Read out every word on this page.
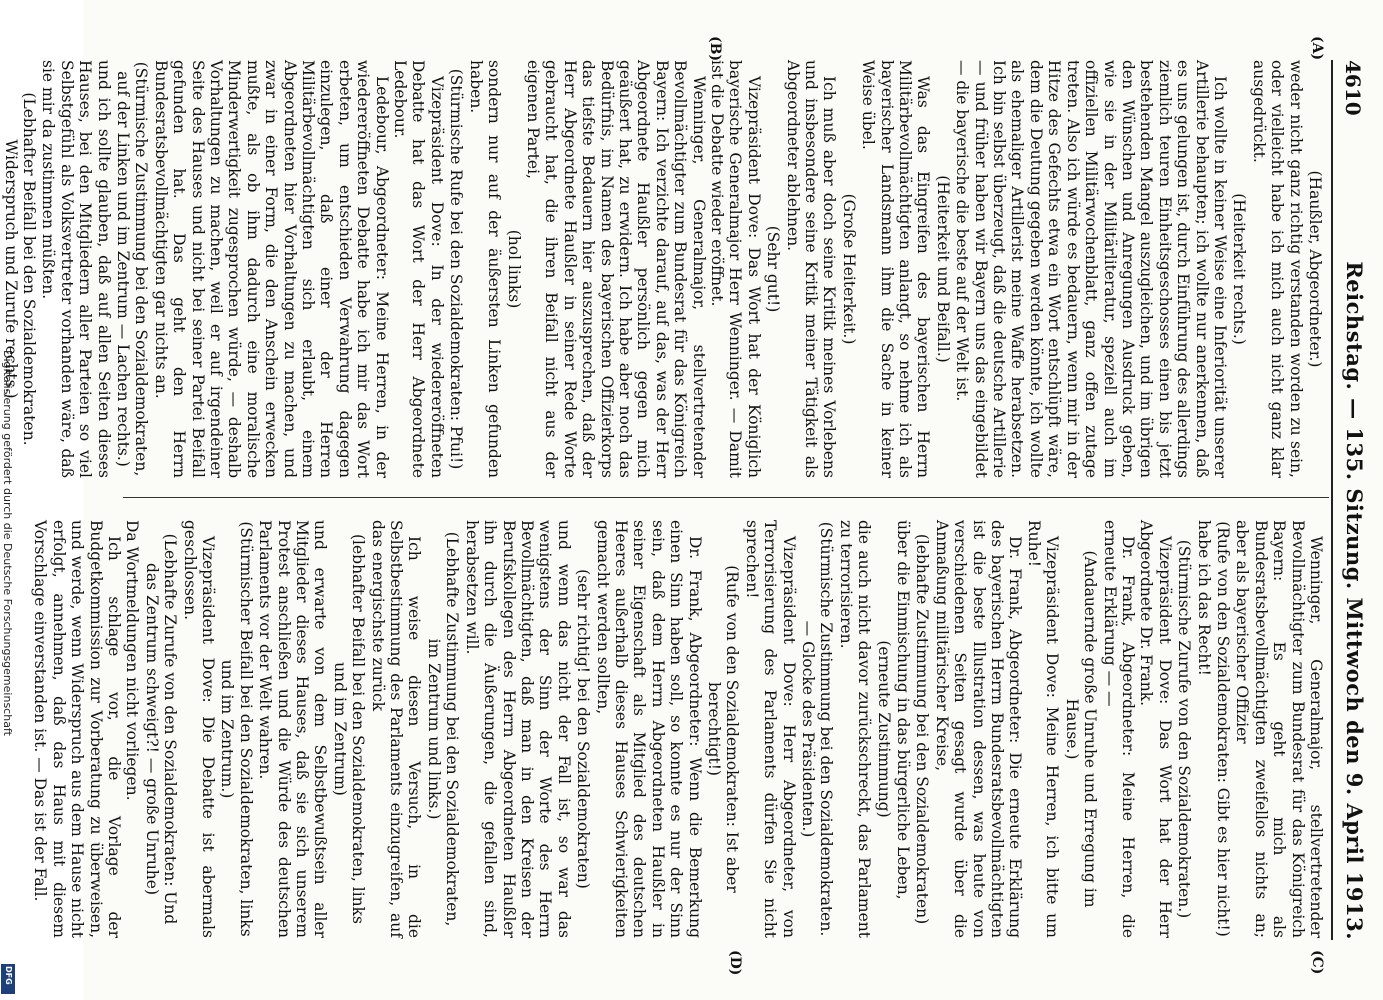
Digitalisierung gefördert durch die Deutsche Forschungsgemeinschaft
DFG
4610
Reichstag. — 135. Sitzung. Mittwoch den 9. April 1913.
(A)
(B)
(C)
(D)

(Haußler, Abgeordneter.)

weder nicht ganz richtig verstanden worden zu sein, oder vielleicht habe ich mich auch nicht ganz klar ausgedrückt.

(Heiterkeit rechts.)

Ich wollte in keiner Weise eine Inferiorität unserer Artillerie behaupten; ich wollte nur anerkennen, daß es uns gelungen ist, durch Einführung des allerdings ziemlich teuren Einheitsgeschosses einen bis jetzt bestehenden Mangel auszugleichen, und im übrigen den Wünschen und Anregungen Ausdruck geben, wie sie in der Militärliteratur, speziell auch im offiziellen Militärwochenblatt, ganz offen zutage treten. Also ich würde es bedauern, wenn mir in der Hitze des Gefechts etwa ein Wort entschlüpft wäre, dem die Deutung gegeben werden könnte, ich wollte als ehemaliger Artillerist meine Waffe herabsetzen. Ich bin selbst überzeugt, daß die deutsche Artillerie — und früher haben wir Bayern uns das eingebildet — die bayerische die beste auf der Welt ist.

(Heiterkeit und Beifall.)

Was das Eingreifen des bayerischen Herrn Militärbevollmächtigten anlangt, so nehme ich als bayerischer Landsmann ihm die Sache in keiner Weise übel.

(Große Heiterkeit.)

Ich muß aber doch seine Kritik meines Vorlebens und insbesondere seine Kritik meiner Tätigkeit als Abgeordneter ablehnen.

(Sehr gut!)

Vizepräsident Dove: Das Wort hat der Königlich bayerische Generalmajor Herr Wenninger. — Damit ist die Debatte wieder eröffnet.

Wenninger, Generalmajor, stellvertretender Bevollmächtigter zum Bundesrat für das Königreich Bayern: Ich verzichte darauf, auf das, was der Herr Abgeordnete Haußler persönlich gegen mich geäußert hat, zu erwidern. Ich habe aber noch das Bedürfnis, im Namen des bayerischen Offizierkorps das tiefste Bedauern hier auszusprechen, daß der Herr Abgeordnete Haußler in seiner Rede Worte gebraucht hat, die ihren Beifall nicht aus der eigenen Partei,

(hol links)

sondern nur auf der äußersten Linken gefunden haben.

(Stürmische Rufe bei den Sozialdemokraten: Pfui!)

Vizepräsident Dove: In der wiedereröffneten Debatte hat das Wort der Herr Abgeordnete Ledebour.

Ledebour, Abgeordneter: Meine Herren, in der wiedereröffneten Debatte habe ich mir das Wort erbeten, um entschieden Verwahrung dagegen einzulegen, daß einer der Herren Militärbevollmächtigten sich erlaubt, einem Abgeordneten hier Vorhaltungen zu machen, und zwar in einer Form, die den Anschein erwecken mußte, als ob ihm dadurch eine moralische Minderwertigkeit zugesprochen würde, — deshalb Vorhaltungen zu machen, weil er auf irgendeiner Seite des Hauses und nicht bei seiner Partei Beifall gefunden hat. Das geht den Herrn Bundesratsbevollmächtigten gar nichts an.

(Stürmische Zustimmung bei den Sozialdemokraten, auf der Linken und im Zentrum — Lachen rechts.)

und ich sollte glauben, daß auf allen Seiten dieses Hauses, bei den Mitgliedern aller Parteien so viel Selbstgefühl als Volksvertreter vorhanden wäre, daß sie mir da zustimmen müßten.

(Lebhafter Beifall bei den Sozialdemokraten. Widerspruch und Zurufe rechts.)

Wenninger, Generalmajor, stellvertretender Bevollmächtigter zum Bundesrat für das Königreich Bayern: Es geht mich als Bundesratsbevollmächtigten zweifellos nichts an; aber als bayerischer Offizier

(Rufe von den Sozialdemokraten: Gibt es hier nicht!)

habe ich das Recht!

(Stürmische Zurufe von den Sozialdemokraten.)

Vizepräsident Dove: Das Wort hat der Herr Abgeordnete Dr. Frank.

Dr. Frank, Abgeordneter: Meine Herren, die erneute Erklärung — —

(Andauernde große Unruhe und Erregung im Hause.)

Vizepräsident Dove: Meine Herren, ich bitte um Ruhe!

Dr. Frank, Abgeordneter: Die erneute Erklärung des bayerischen Herrn Bundesratsbevollmächtigten ist die beste Illustration dessen, was heute von verschiedenen Seiten gesagt wurde über die Anmaßung militärischer Kreise,

(lebhafte Zustimmung bei den Sozialdemokraten)

über die Einmischung in das bürgerliche Leben,

(erneute Zustimmung)

die auch nicht davor zurückschreckt, das Parlament zu terrorisieren.

(Stürmische Zustimmung bei den Sozialdemokraten. — Glocke des Präsidenten.)

Vizepräsident Dove: Herr Abgeordneter, von Terrorisierung des Parlaments dürfen Sie nicht sprechen!

(Rufe von den Sozialdemokraten: Ist aber berechtigt!)

Dr. Frank, Abgeordneter: Wenn die Bemerkung einen Sinn haben soll, so konnte es nur der Sinn sein, daß dem Herrn Abgeordneten Haußler in seiner Eigenschaft als Mitglied des deutschen Heeres außerhalb dieses Hauses Schwierigkeiten gemacht werden sollten,

(sehr richtig! bei den Sozialdemokraten)

und wenn das nicht der Fall ist, so war das wenigstens der Sinn der Worte des Herrn Bevollmächtigten, daß man in den Kreisen der Berufskollegen des Herrn Abgeordneten Haußler ihn durch die Äußerungen, die gefallen sind, herabsetzen will.

(Lebhafte Zustimmung bei den Sozialdemokraten, im Zentrum und links.)

Ich weise diesen Versuch, in die Selbstbestimmung des Parlaments einzugreifen, auf das energischste zurück

(lebhafter Beifall bei den Sozialdemokraten, links und im Zentrum)

und erwarte von dem Selbstbewußtsein aller Mitglieder dieses Hauses, daß sie sich unserem Protest anschließen und die Würde des deutschen Parlaments vor der Welt wahren.

(Stürmischer Beifall bei den Sozialdemokraten, links und im Zentrum.)

Vizepräsident Dove: Die Debatte ist abermals geschlossen.

(Lebhafte Zurufe von den Sozialdemokraten: Und das Zentrum schweigt?! — große Unruhe)

Da Wortmeldungen nicht vorliegen.

Ich schlage vor, die Vorlage der Budgetkommission zur Vorberatung zu überweisen, und werde, wenn Widerspruch aus dem Hause nicht erfolgt, annehmen, daß das Haus mit diesem Vorschlage einverstanden ist. — Das ist der Fall.
